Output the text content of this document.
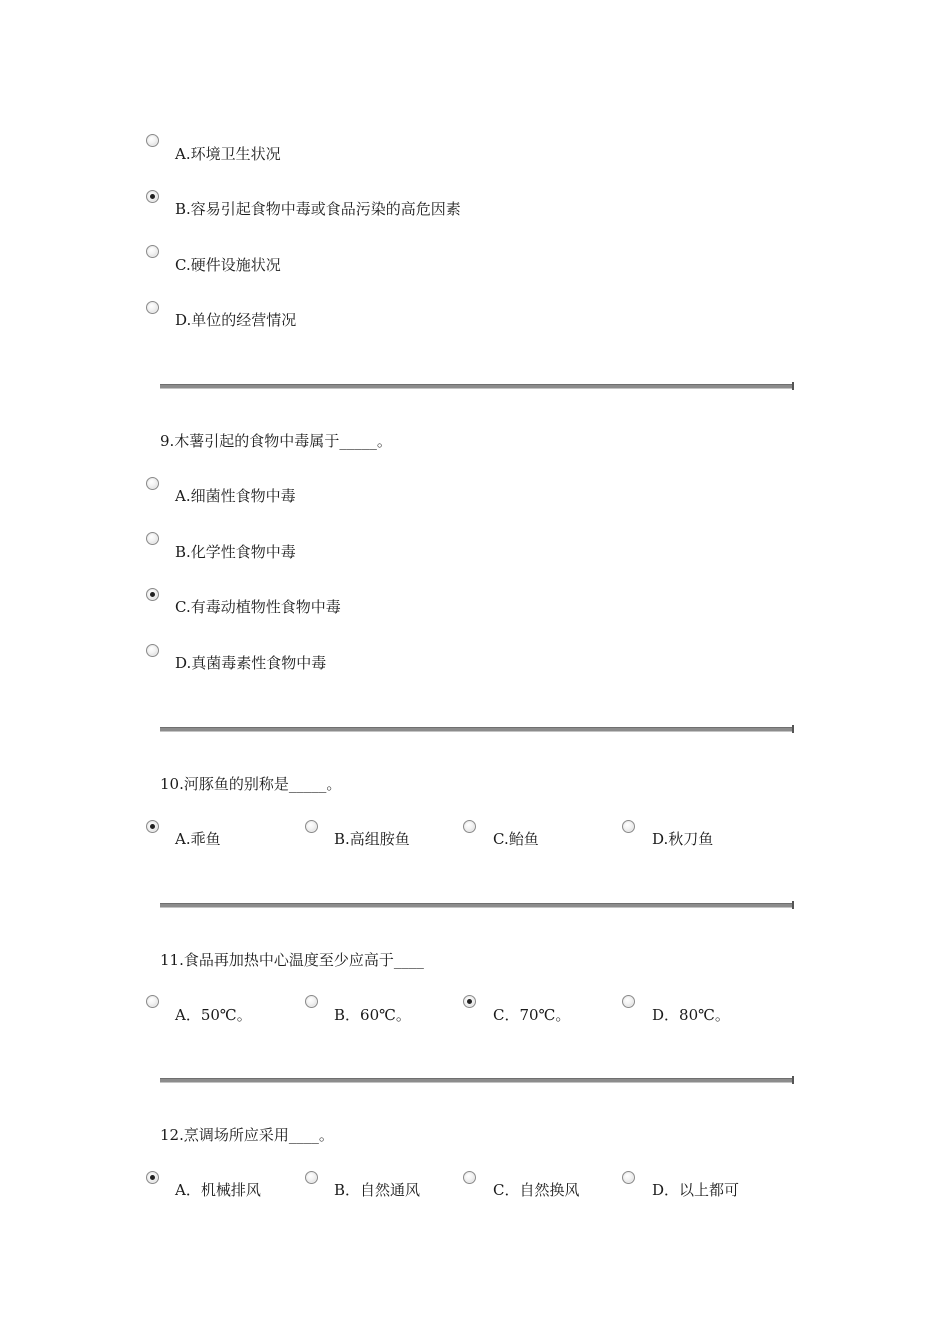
A.环境卫生状况
B.容易引起食物中毒或食品污染的高危因素
C.硬件设施状况
D.单位的经营情况
9.木薯引起的食物中毒属于_____。
A.细菌性食物中毒
B.化学性食物中毒
C.有毒动植物性食物中毒
D.真菌毒素性食物中毒
10.河豚鱼的别称是_____。
A.乖鱼	B.高组胺鱼	C.鲐鱼	D.秋刀鱼
11.食品再加热中心温度至少应高于____
A．50℃。	B．60℃。	C．70℃。	D．80℃。
12.烹调场所应采用____。
A．机械排风	B．自然通风	C．自然换风	D．以上都可
